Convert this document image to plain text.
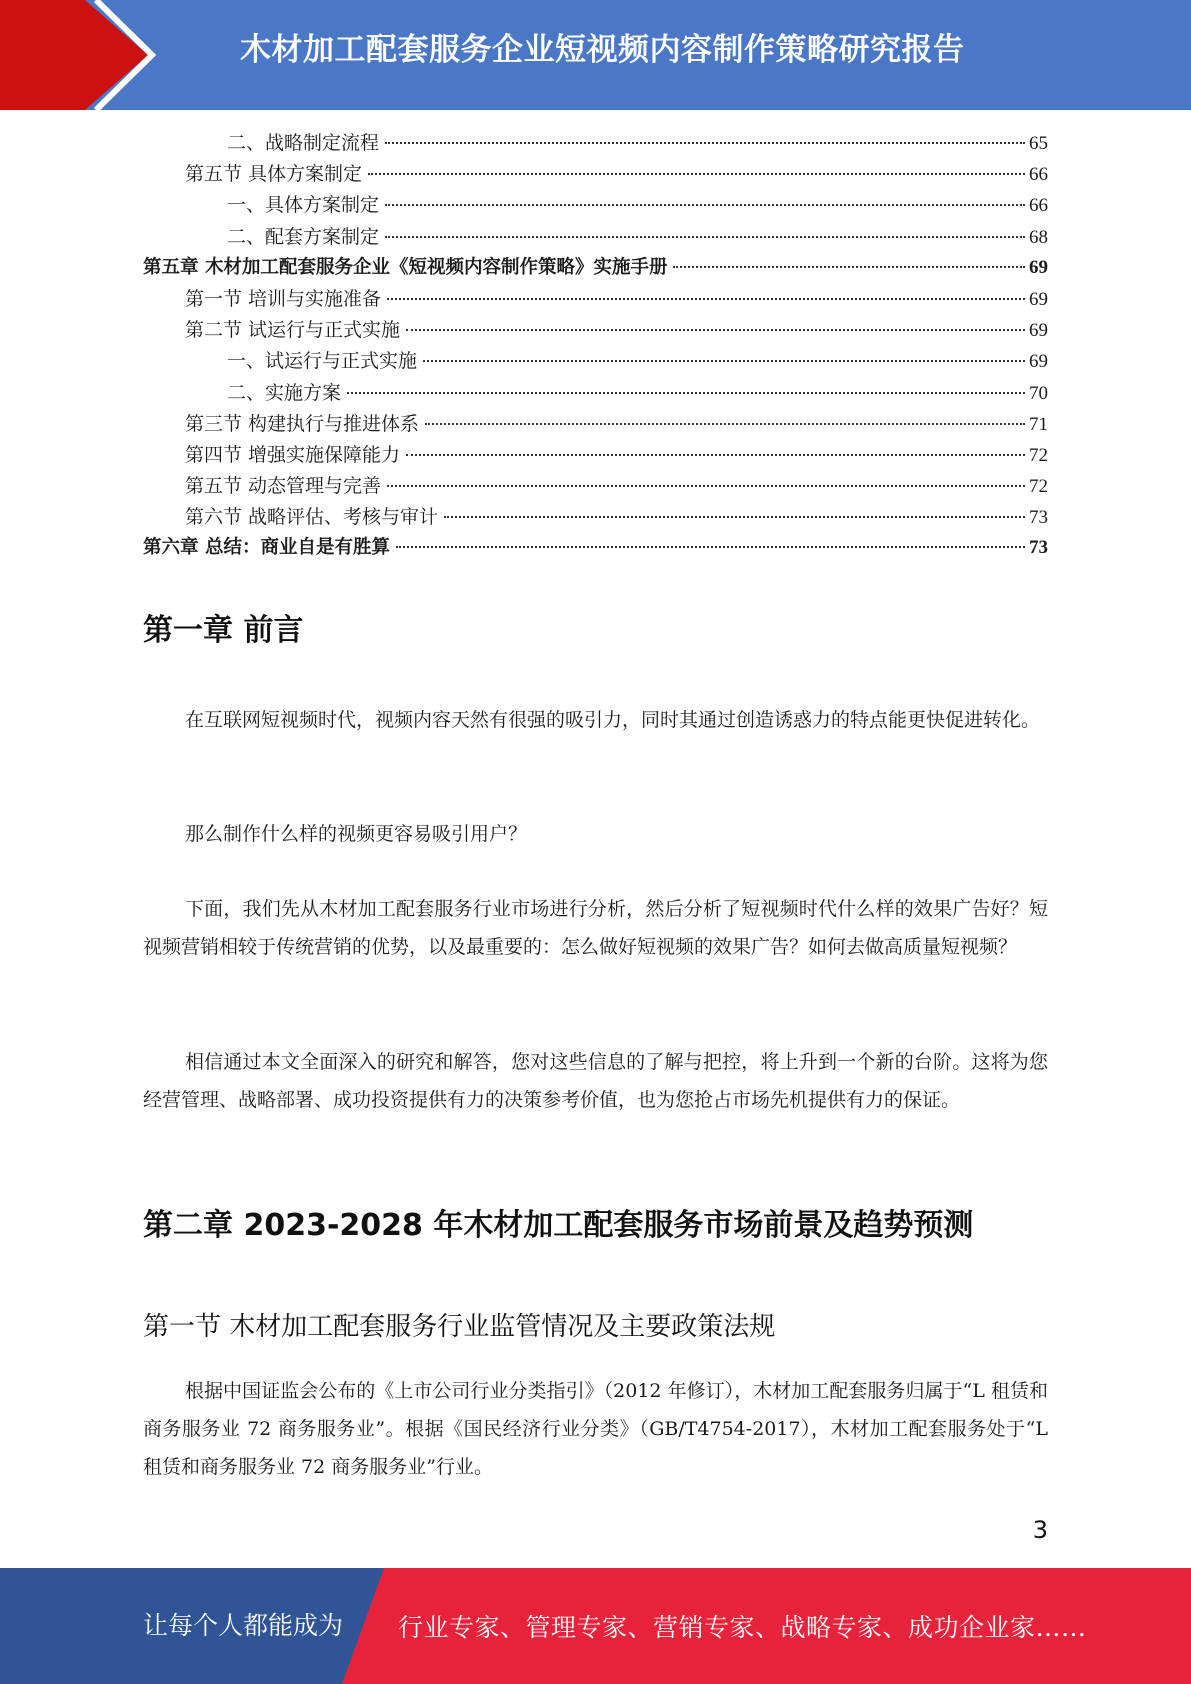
木材加工配套服务企业短视频内容制作策略研究报告
二、战略制定流程	65
第五节 具体方案制定	66
一、具体方案制定	66
二、配套方案制定	68
第五章 木材加工配套服务企业《短视频内容制作策略》实施手册	69
第一节 培训与实施准备	69
第二节 试运行与正式实施	69
一、试运行与正式实施	69
二、实施方案	70
第三节 构建执行与推进体系	71
第四节 增强实施保障能力	72
第五节 动态管理与完善	72
第六节 战略评估、考核与审计	73
第六章 总结：商业自是有胜算	73
第一章 前言
在互联网短视频时代，视频内容天然有很强的吸引力，同时其通过创造诱惑力的特点能更快促进转化。
那么制作什么样的视频更容易吸引用户？
下面，我们先从木材加工配套服务行业市场进行分析，然后分析了短视频时代什么样的效果广告好？短视频营销相较于传统营销的优势，以及最重要的：怎么做好短视频的效果广告？如何去做高质量短视频？
相信通过本文全面深入的研究和解答，您对这些信息的了解与把控，将上升到一个新的台阶。这将为您经营管理、战略部署、成功投资提供有力的决策参考价值，也为您抢占市场先机提供有力的保证。
第二章 2023-2028 年木材加工配套服务市场前景及趋势预测
第一节 木材加工配套服务行业监管情况及主要政策法规
根据中国证监会公布的《上市公司行业分类指引》（2012 年修订），木材加工配套服务归属于“L 租赁和商务服务业 72 商务服务业”。根据《国民经济行业分类》（GB/T4754-2017），木材加工配套服务处于“L 租赁和商务服务业 72 商务服务业”行业。
3
让每个人都能成为 行业专家、管理专家、营销专家、战略专家、成功企业家……
